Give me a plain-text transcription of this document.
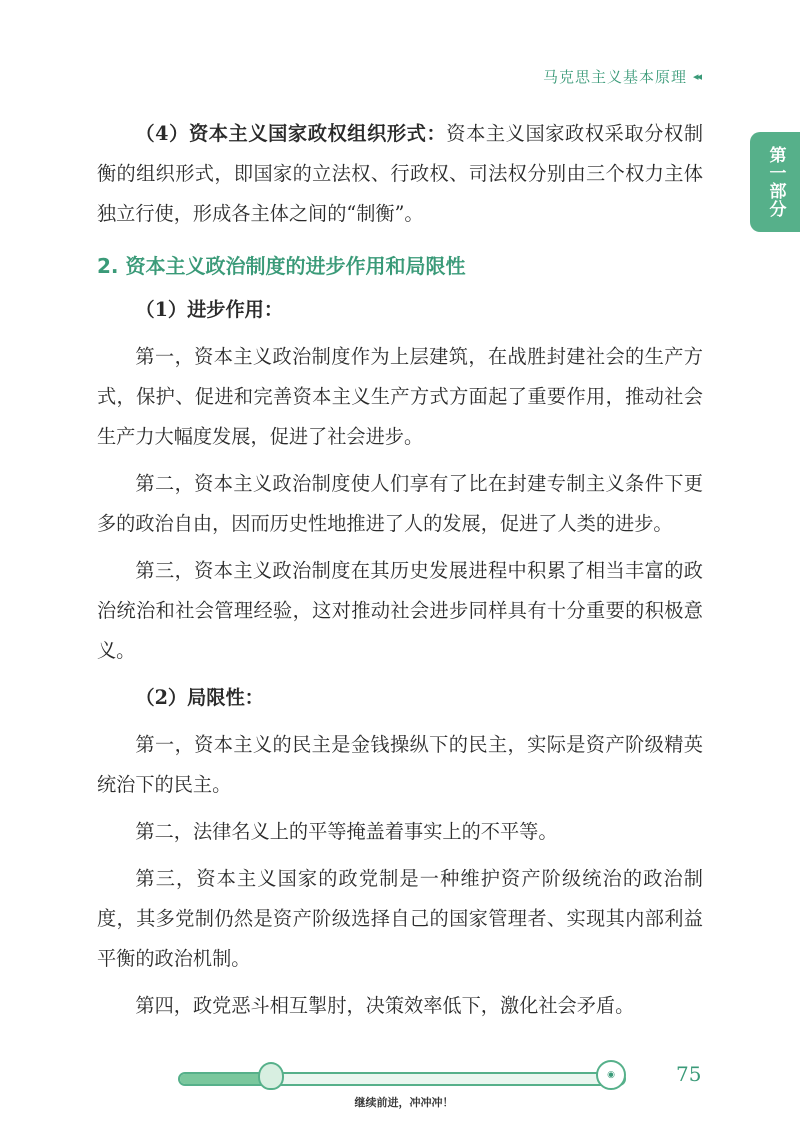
马克思主义基本原理 ◂◂
第一部分

（4）资本主义国家政权组织形式：资本主义国家政权采取分权制衡的组织形式，即国家的立法权、行政权、司法权分别由三个权力主体独立行使，形成各主体之间的“制衡”。

2. 资本主义政治制度的进步作用和局限性

（1）进步作用：

第一，资本主义政治制度作为上层建筑，在战胜封建社会的生产方式，保护、促进和完善资本主义生产方式方面起了重要作用，推动社会生产力大幅度发展，促进了社会进步。

第二，资本主义政治制度使人们享有了比在封建专制主义条件下更多的政治自由，因而历史性地推进了人的发展，促进了人类的进步。

第三，资本主义政治制度在其历史发展进程中积累了相当丰富的政治统治和社会管理经验，这对推动社会进步同样具有十分重要的积极意义。

（2）局限性：

第一，资本主义的民主是金钱操纵下的民主，实际是资产阶级精英统治下的民主。

第二，法律名义上的平等掩盖着事实上的不平等。

第三，资本主义国家的政党制是一种维护资产阶级统治的政治制度，其多党制仍然是资产阶级选择自己的国家管理者、实现其内部利益平衡的政治机制。

第四，政党恶斗相互掣肘，决策效率低下，激化社会矛盾。

◉
继续前进，冲冲冲！
75
